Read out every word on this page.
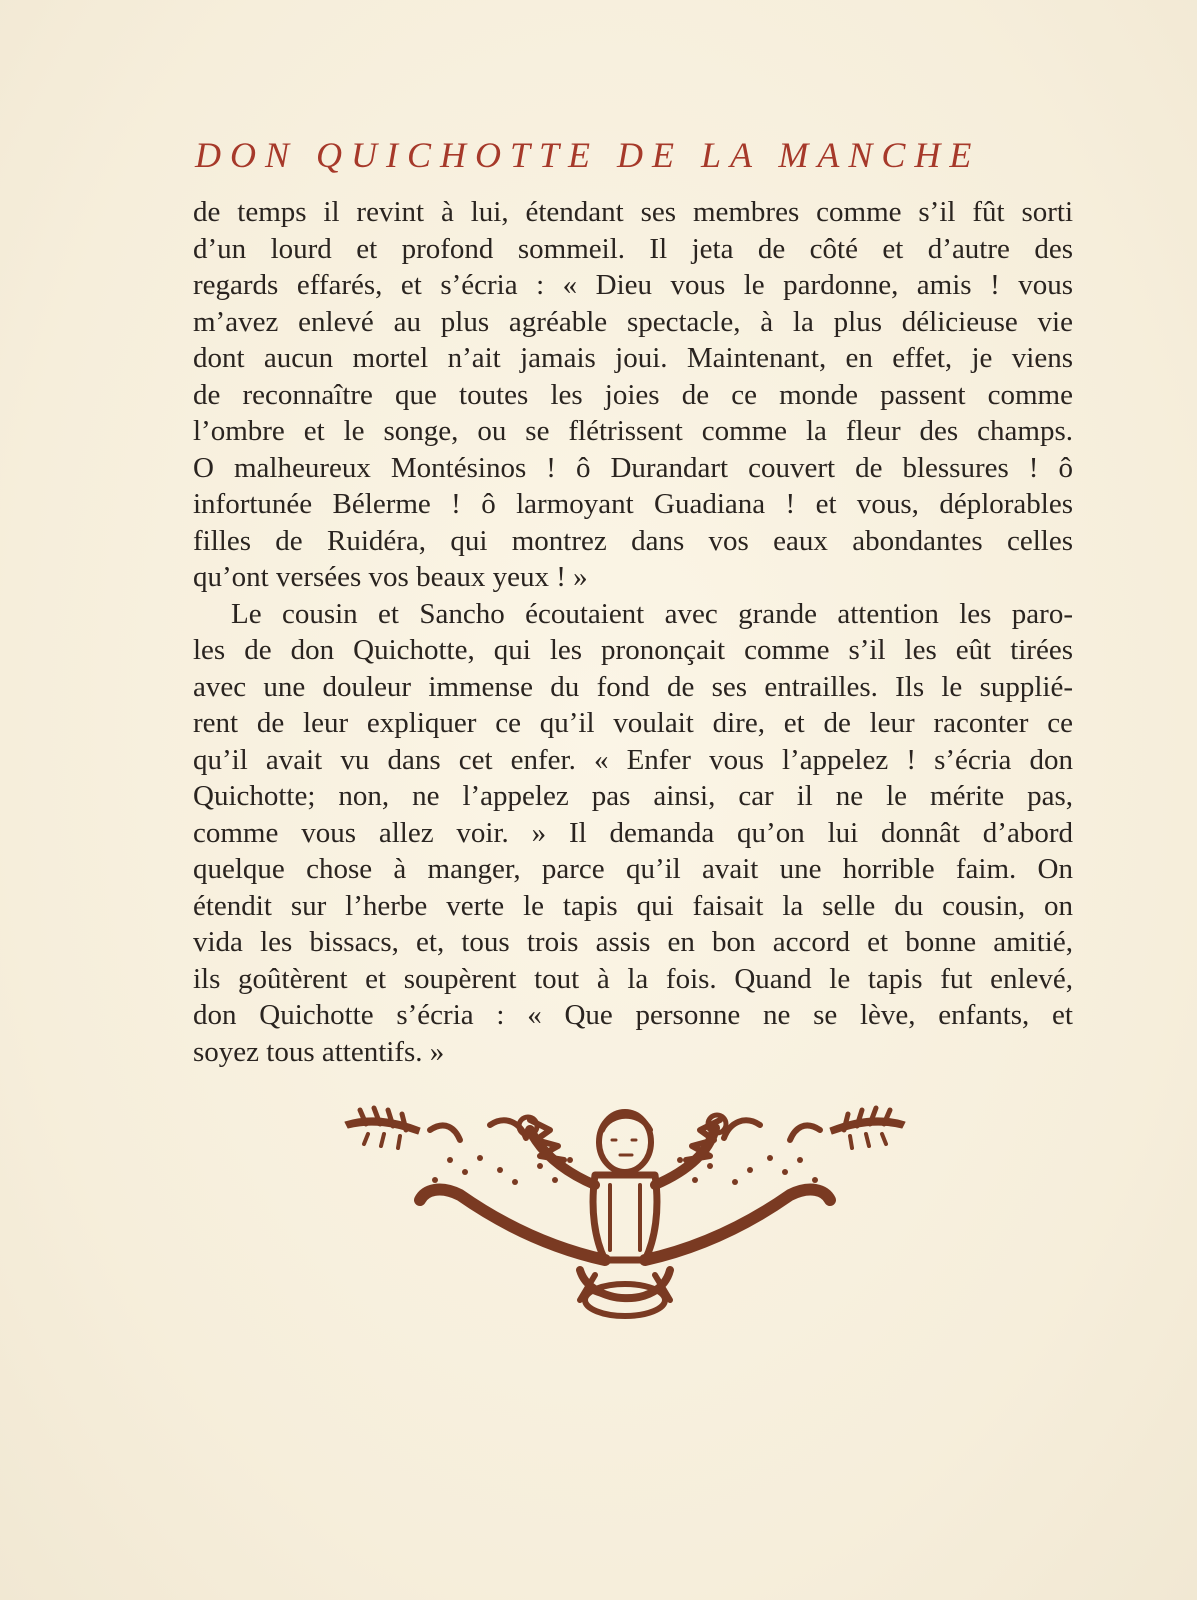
DON QUICHOTTE DE LA MANCHE
de temps il revint à lui, étendant ses membres comme s’il fût sorti
d’un lourd et profond sommeil. Il jeta de côté et d’autre des
regards effarés, et s’écria : « Dieu vous le pardonne, amis ! vous
m’avez enlevé au plus agréable spectacle, à la plus délicieuse vie
dont aucun mortel n’ait jamais joui. Maintenant, en effet, je viens
de reconnaître que toutes les joies de ce monde passent comme
l’ombre et le songe, ou se flétrissent comme la fleur des champs.
O malheureux Montésinos ! ô Durandart couvert de blessures ! ô
infortunée Bélerme ! ô larmoyant Guadiana ! et vous, déplorables
filles de Ruidéra, qui montrez dans vos eaux abondantes celles
qu’ont versées vos beaux yeux ! »
Le cousin et Sancho écoutaient avec grande attention les paro-
les de don Quichotte, qui les prononçait comme s’il les eût tirées
avec une douleur immense du fond de ses entrailles. Ils le supplié-
rent de leur expliquer ce qu’il voulait dire, et de leur raconter ce
qu’il avait vu dans cet enfer. « Enfer vous l’appelez ! s’écria don
Quichotte; non, ne l’appelez pas ainsi, car il ne le mérite pas,
comme vous allez voir. » Il demanda qu’on lui donnât d’abord
quelque chose à manger, parce qu’il avait une horrible faim. On
étendit sur l’herbe verte le tapis qui faisait la selle du cousin, on
vida les bissacs, et, tous trois assis en bon accord et bonne amitié,
ils goûtèrent et soupèrent tout à la fois. Quand le tapis fut enlevé,
don Quichotte s’écria : « Que personne ne se lève, enfants, et
soyez tous attentifs. »
